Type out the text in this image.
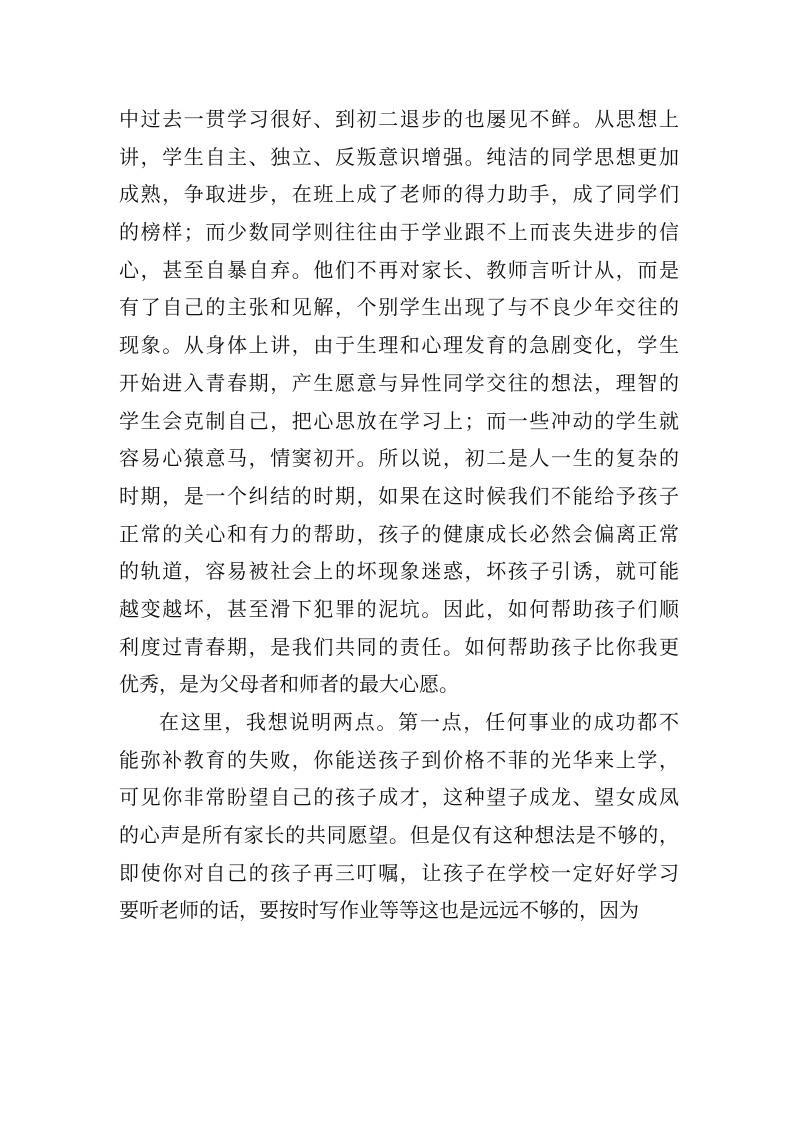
中过去一贯学习很好、到初二退步的也屡见不鲜。从思想上
讲，学生自主、独立、反叛意识增强。纯洁的同学思想更加
成熟，争取进步，在班上成了老师的得力助手，成了同学们
的榜样；而少数同学则往往由于学业跟不上而丧失进步的信
心，甚至自暴自弃。他们不再对家长、教师言听计从，而是
有了自己的主张和见解，个别学生出现了与不良少年交往的
现象。从身体上讲，由于生理和心理发育的急剧变化，学生
开始进入青春期，产生愿意与异性同学交往的想法，理智的
学生会克制自己，把心思放在学习上；而一些冲动的学生就
容易心猿意马，情窦初开。所以说，初二是人一生的复杂的
时期，是一个纠结的时期，如果在这时候我们不能给予孩子
正常的关心和有力的帮助，孩子的健康成长必然会偏离正常
的轨道，容易被社会上的坏现象迷惑，坏孩子引诱，就可能
越变越坏，甚至滑下犯罪的泥坑。因此，如何帮助孩子们顺
利度过青春期，是我们共同的责任。如何帮助孩子比你我更
优秀，是为父母者和师者的最大心愿。
在这里，我想说明两点。第一点，任何事业的成功都不
能弥补教育的失败，你能送孩子到价格不菲的光华来上学，
可见你非常盼望自己的孩子成才，这种望子成龙、望女成凤
的心声是所有家长的共同愿望。但是仅有这种想法是不够的，
即使你对自己的孩子再三叮嘱，让孩子在学校一定好好学习
要听老师的话，要按时写作业等等这也是远远不够的，因为
